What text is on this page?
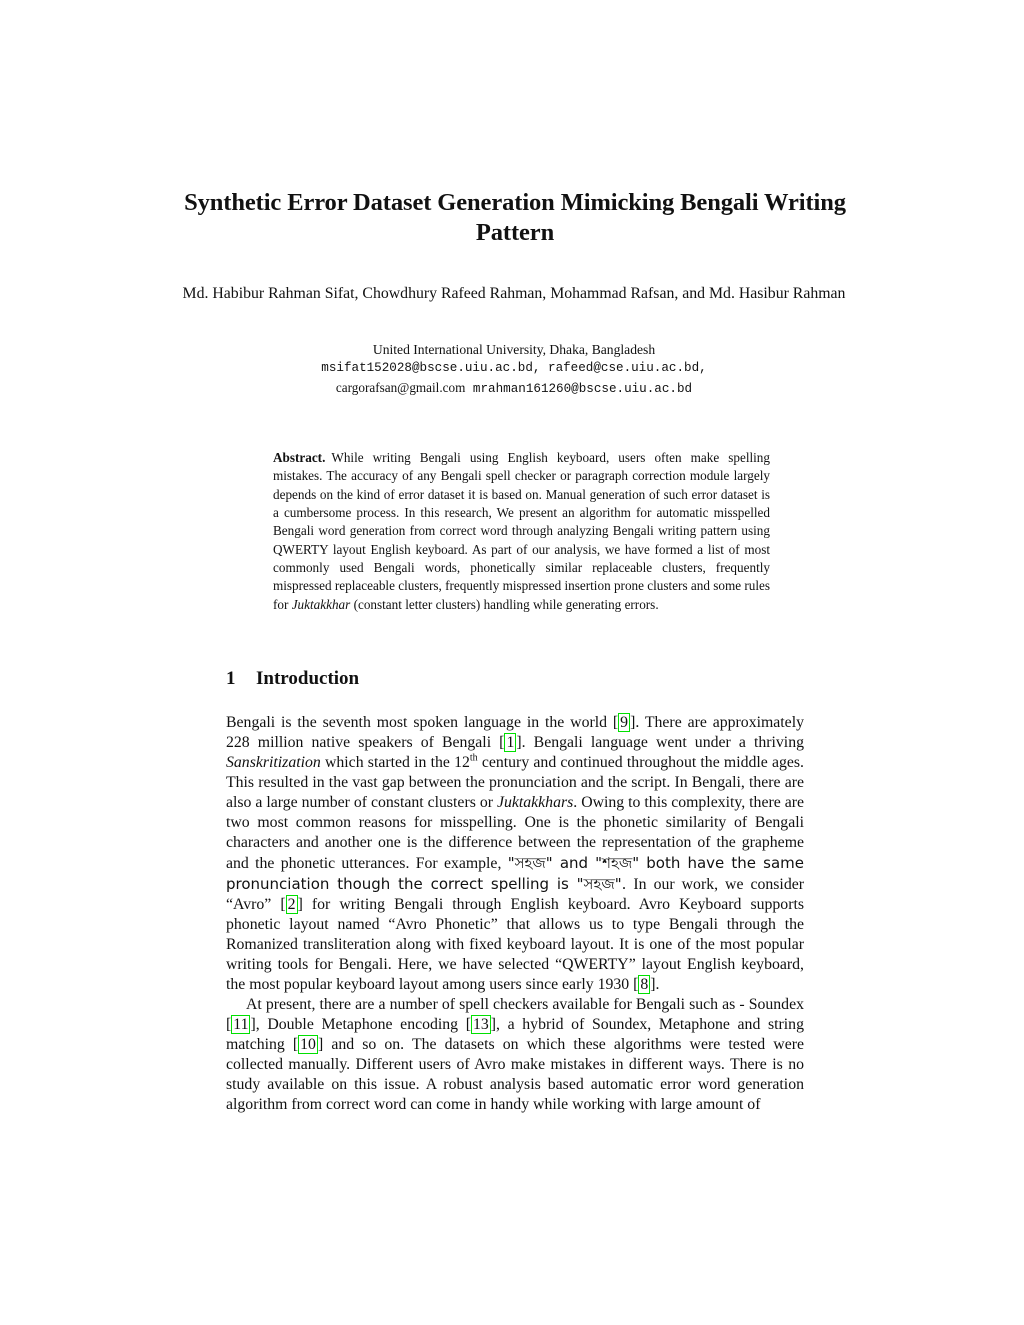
Synthetic Error Dataset Generation Mimicking Bengali Writing Pattern

Md. Habibur Rahman Sifat, Chowdhury Rafeed Rahman, Mohammad Rafsan, and Md. Hasibur Rahman

United International University, Dhaka, Bangladesh

msifat152028@bscse.uiu.ac.bd, rafeed@cse.uiu.ac.bd,
cargorafsan@gmail.com mrahman161260@bscse.uiu.ac.bd

Abstract. While writing Bengali using English keyboard, users often make spelling mistakes. The accuracy of any Bengali spell checker or paragraph correction module largely depends on the kind of error dataset it is based on. Manual generation of such error dataset is a cumbersome process. In this research, We present an algorithm for automatic misspelled Bengali word generation from correct word through analyzing Bengali writing pattern using QWERTY layout English keyboard. As part of our analysis, we have formed a list of most commonly used Bengali words, phonetically similar replaceable clusters, frequently mispressed replaceable clusters, frequently mispressed insertion prone clusters and some rules for Juktakkhar (constant letter clusters) handling while generating errors.

1 Introduction

Bengali is the seventh most spoken language in the world [ 9 ]. There are approximately 228 million native speakers of Bengali [ 1 ]. Bengali language went under a thriving Sanskritization which started in the 12th century and continued throughout the middle ages. This resulted in the vast gap between the pronunciation and the script. In Bengali, there are also a large number of constant clusters or Juktakkhars. Owing to this complexity, there are two most common reasons for misspelling. One is the phonetic similarity of Bengali characters and another one is the difference between the representation of the grapheme and the phonetic utterances. For example, "সহজ" and "শহজ" both have the same pronunciation though the correct spelling is "সহজ". In our work, we consider “Avro” [ 2 ] for writing Bengali through English keyboard. Avro Keyboard supports phonetic layout named “Avro Phonetic” that allows us to type Bengali through the Romanized transliteration along with fixed keyboard layout. It is one of the most popular writing tools for Bengali. Here, we have selected “QWERTY” layout English keyboard, the most popular keyboard layout among users since early 1930 [ 8 ].

At present, there are a number of spell checkers available for Bengali such as - Soundex [ 11 ], Double Metaphone encoding [ 13 ], a hybrid of Soundex, Metaphone and string matching [ 10 ] and so on. The datasets on which these algorithms were tested were collected manually. Different users of Avro make mistakes in different ways. There is no study available on this issue. A robust analysis based automatic error word generation algorithm from correct word can come in handy while working with large amount of
